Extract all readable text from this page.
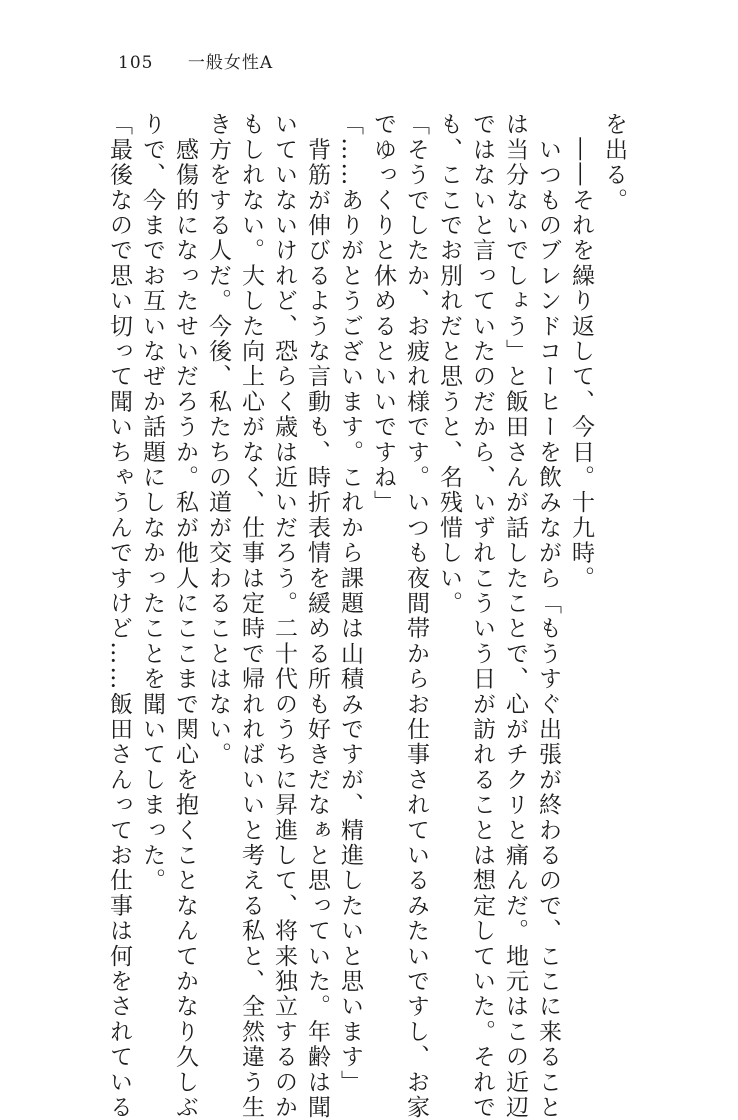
105 一般女性A
を出る。
　――それを繰り返して、今日。十九時。
　いつものブレンドコーヒーを飲みながら「もうすぐ出張が終わるので、ここに来ること
は当分ないでしょう」と飯田さんが話したことで、心がチクリと痛んだ。地元はこの近辺
ではないと言っていたのだから、いずれこういう日が訪れることは想定していた。それで
も、ここでお別れだと思うと、名残惜しい。
「そうでしたか、お疲れ様です。いつも夜間帯からお仕事されているみたいですし、お家
でゆっくりと休めるといいですね」
「……ありがとうございます。これから課題は山積みですが、精進したいと思います」
　背筋が伸びるような言動も、時折表情を緩める所も好きだなぁと思っていた。年齢は聞
いていないけれど、恐らく歳は近いだろう。二十代のうちに昇進して、将来独立するのか
もしれない。大した向上心がなく、仕事は定時で帰れればいいと考える私と、全然違う生
き方をする人だ。今後、私たちの道が交わることはない。
　感傷的になったせいだろうか。私が他人にここまで関心を抱くことなんてかなり久しぶ
りで、今までお互いなぜか話題にしなかったことを聞いてしまった。
「最後なので思い切って聞いちゃうんですけど……飯田さんってお仕事は何をされている
